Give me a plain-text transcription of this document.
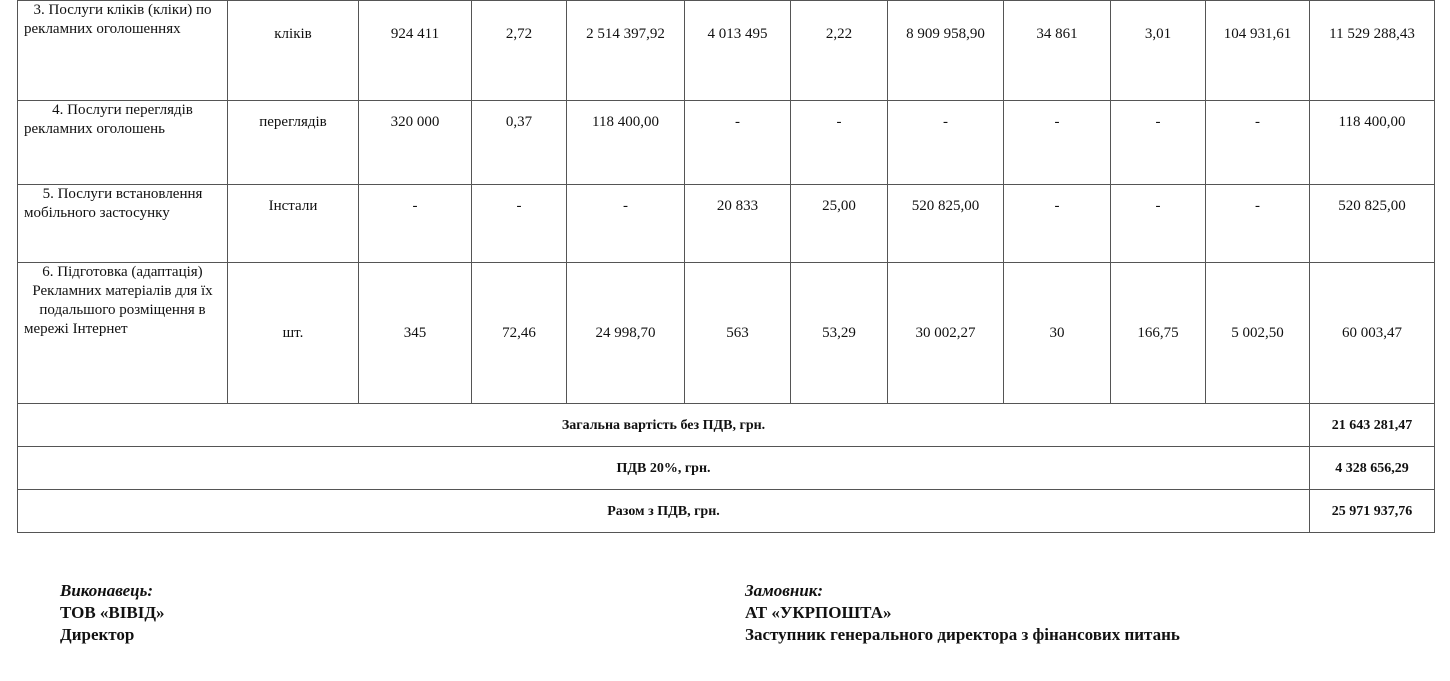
3. Послуги кліків (кліки) по рекламних оголошеннях	кліків	924 411	2,72	2 514 397,92	4 013 495	2,22	8 909 958,90	34 861	3,01	104 931,61	11 529 288,43
4. Послуги переглядів рекламних оголошень	переглядів	320 000	0,37	118 400,00	-	-	-	-	-	-	118 400,00
5. Послуги встановлення мобільного застосунку	Інстали	-	-	-	20 833	25,00	520 825,00	-	-	-	520 825,00
6. Підготовка (адаптація) Рекламних матеріалів для їх подальшого розміщення в мережі Інтернет	шт.	345	72,46	24 998,70	563	53,29	30 002,27	30	166,75	5 002,50	60 003,47
Загальна вартість без ПДВ, грн.											21 643 281,47
ПДВ 20%, грн.											4 328 656,29
Разом з ПДВ, грн.											25 971 937,76
Виконавець:
ТОВ «ВІВІД»
Директор
Замовник:
АТ «УКРПОШТА»
Заступник генерального директора з фінансових питань
